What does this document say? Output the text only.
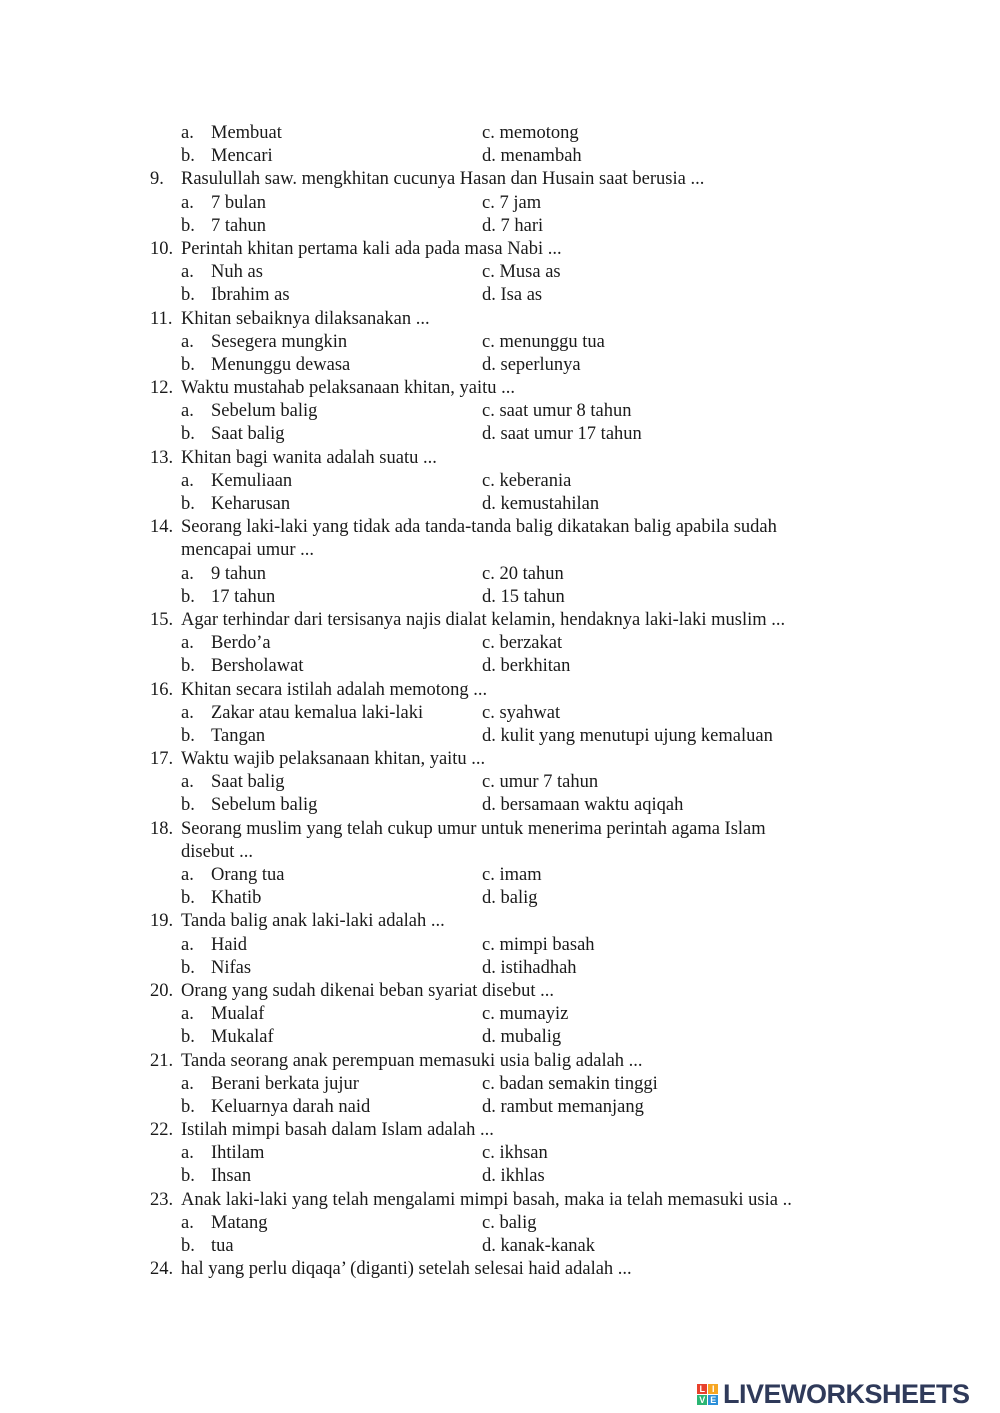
a. Membuat	c. memotong
b. Mencari	d. menambah
9. Rasulullah saw. mengkhitan cucunya Hasan dan Husain saat berusia ...
a. 7 bulan	c. 7 jam
b. 7 tahun	d. 7 hari
10. Perintah khitan pertama kali ada pada masa Nabi ...
a. Nuh as	c. Musa as
b. Ibrahim as	d. Isa as
11. Khitan sebaiknya dilaksanakan ...
a. Sesegera mungkin	c. menunggu tua
b. Menunggu dewasa	d. seperlunya
12. Waktu mustahab pelaksanaan khitan, yaitu ...
a. Sebelum balig	c. saat umur 8 tahun
b. Saat balig	d. saat umur 17 tahun
13. Khitan bagi wanita adalah suatu ...
a. Kemuliaan	c. keberania
b. Keharusan	d. kemustahilan
14. Seorang laki-laki yang tidak ada tanda-tanda balig dikatakan balig apabila sudah
mencapai umur ...
a. 9 tahun	c. 20 tahun
b. 17 tahun	d. 15 tahun
15. Agar terhindar dari tersisanya najis dialat kelamin, hendaknya laki-laki muslim ...
a. Berdo’a	c. berzakat
b. Bersholawat	d. berkhitan
16. Khitan secara istilah adalah memotong ...
a. Zakar atau kemalua laki-laki	c. syahwat
b. Tangan	d. kulit yang menutupi ujung kemaluan
17. Waktu wajib pelaksanaan khitan, yaitu ...
a. Saat balig	c. umur 7 tahun
b. Sebelum balig	d. bersamaan waktu aqiqah
18. Seorang muslim yang telah cukup umur untuk menerima perintah agama Islam
disebut ...
a. Orang tua	c. imam
b. Khatib	d. balig
19. Tanda balig anak laki-laki adalah ...
a. Haid	c. mimpi basah
b. Nifas	d. istihadhah
20. Orang yang sudah dikenai beban syariat disebut ...
a. Mualaf	c. mumayiz
b. Mukalaf	d. mubalig
21. Tanda seorang anak perempuan memasuki usia balig adalah ...
a. Berani berkata jujur	c. badan semakin tinggi
b. Keluarnya darah naid	d. rambut memanjang
22. Istilah mimpi basah dalam Islam adalah ...
a. Ihtilam	c. ikhsan
b. Ihsan	d. ikhlas
23. Anak laki-laki yang telah mengalami mimpi basah, maka ia telah memasuki usia ..
a. Matang	c. balig
b. tua	d. kanak-kanak
24. hal yang perlu diqaqa’ (diganti) setelah selesai haid adalah ...
L I
V E LIVEWORKSHEETS
